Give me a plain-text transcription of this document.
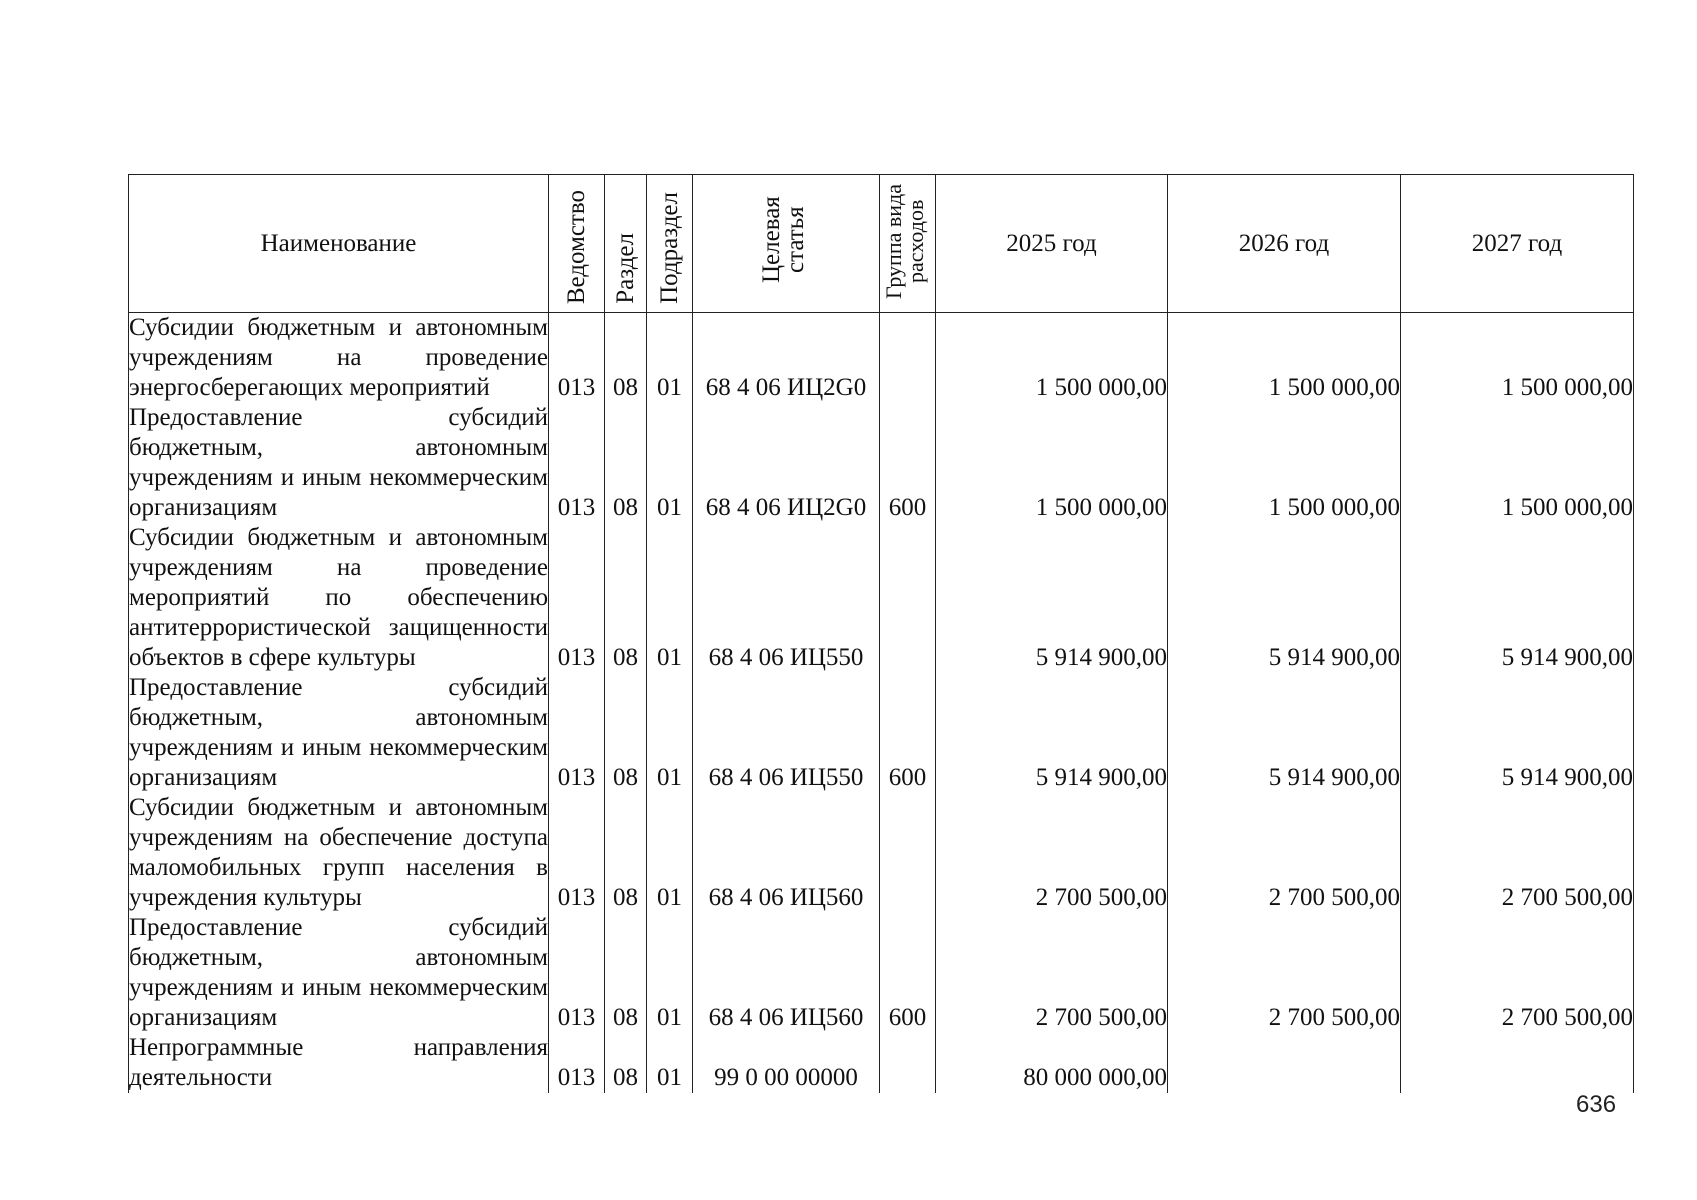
Наименование	Ведомство	Раздел	Подраздел	Целевая статья	Группа вида расходов	2025 год	2026 год	2027 год
Субсидии бюджетным и автономным учреждениям на проведение энергосберегающих мероприятий	013	08	01	68 4 06 ИЦ2G0		1 500 000,00	1 500 000,00	1 500 000,00
Предоставление субсидий бюджетным, автономным учреждениям и иным некоммерческим организациям	013	08	01	68 4 06 ИЦ2G0	600	1 500 000,00	1 500 000,00	1 500 000,00
Субсидии бюджетным и автономным учреждениям на проведение мероприятий по обеспечению антитеррористической защищенности объектов в сфере культуры	013	08	01	68 4 06 ИЦ550		5 914 900,00	5 914 900,00	5 914 900,00
Предоставление субсидий бюджетным, автономным учреждениям и иным некоммерческим организациям	013	08	01	68 4 06 ИЦ550	600	5 914 900,00	5 914 900,00	5 914 900,00
Субсидии бюджетным и автономным учреждениям на обеспечение доступа маломобильных групп населения в учреждения культуры	013	08	01	68 4 06 ИЦ560		2 700 500,00	2 700 500,00	2 700 500,00
Предоставление субсидий бюджетным, автономным учреждениям и иным некоммерческим организациям	013	08	01	68 4 06 ИЦ560	600	2 700 500,00	2 700 500,00	2 700 500,00
Непрограммные направления деятельности	013	08	01	99 0 00 00000		80 000 000,00		
636
